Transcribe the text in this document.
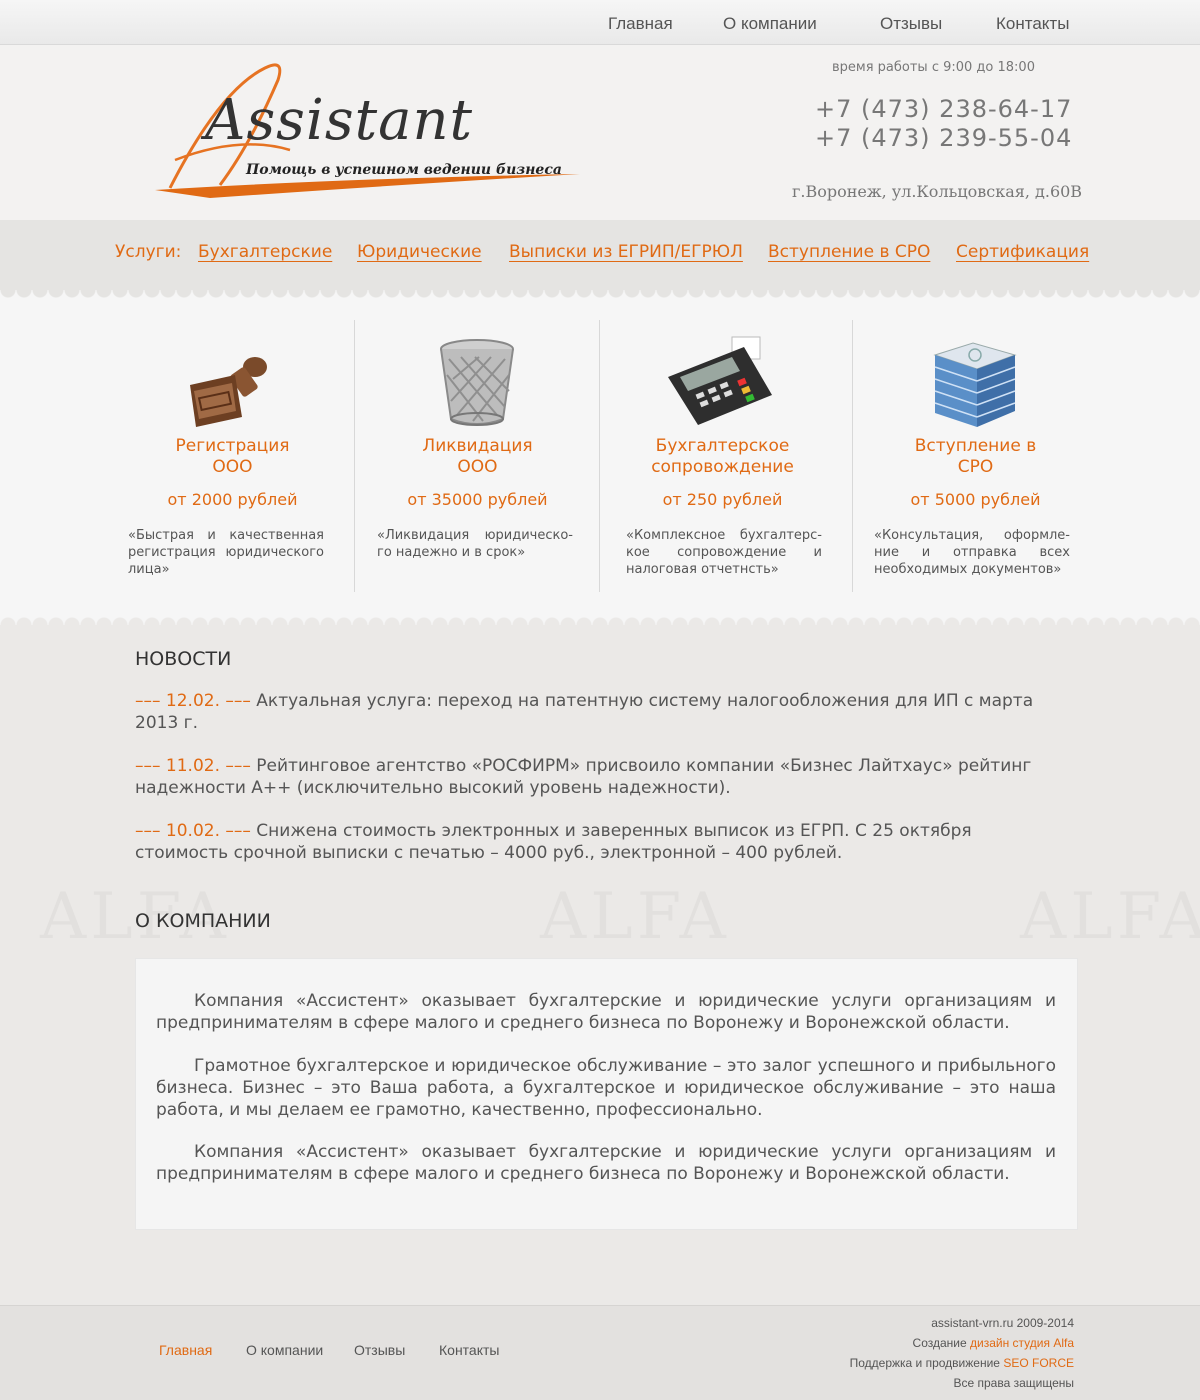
Главная	О компании	Отзывы	Контакты
Assistant
Помощь в успешном ведении бизнеса
время работы с 9:00 до 18:00
+7 (473) 238-64-17
+7 (473) 239-55-04
г.Воронеж, ул.Кольцовская, д.60В
Услуги: Бухгалтерские Юридические Выписки из ЕГРИП/ЕГРЮЛ Вступление в СРО Сертификация
Регистрация
ООО
от 2000 рублей
«Быстрая и качественная регистрация юридического лица»
Ликвидация
ООО
от 35000 рублей
«Ликвидация юридическо-го надежно и в срок»
Бухгалтерское
сопровождение
от 250 рублей
«Комплексное бухгалтерс-кое сопровождение и налоговая отчетнсть»
Вступление в
СРО
от 5000 рублей
«Консультация, оформле-ние и отправка всех необходимых документов»
НОВОСТИ
––– 12.02. ––– Актуальная услуга: переход на патентную систему налогообложения для ИП с марта 2013 г.
––– 11.02. ––– Рейтинговое агентство «РОСФИРМ» присвоило компании «Бизнес Лайтхаус» рейтинг надежности А++ (исключительно высокий уровень надежности).
––– 10.02. ––– Снижена стоимость электронных и заверенных выписок из ЕГРП. С 25 октября стоимость срочной выписки с печатью – 4000 руб., электронной – 400 рублей.
О КОМПАНИИ

Компания «Ассистент» оказывает бухгалтерские и юридические услуги организациям и предпринимателям в сфере малого и среднего бизнеса по Воронежу и Воронежской области.

Грамотное бухгалтерское и юридическое обслуживание – это залог успешного и прибыльного бизнеса. Бизнес – это Ваша работа, а бухгалтерское и юридическое обслуживание – это наша работа, и мы делаем ее грамотно, качественно, профессионально.

Компания «Ассистент» оказывает бухгалтерские и юридические услуги организациям и предпринимателям в сфере малого и среднего бизнеса по Воронежу и Воронежской области.

Главная О компании Отзывы Контакты
assistant-vrn.ru 2009-2014
Создание дизайн студия Alfa
Поддержка и продвижение SEO FORCE
Все права защищены
